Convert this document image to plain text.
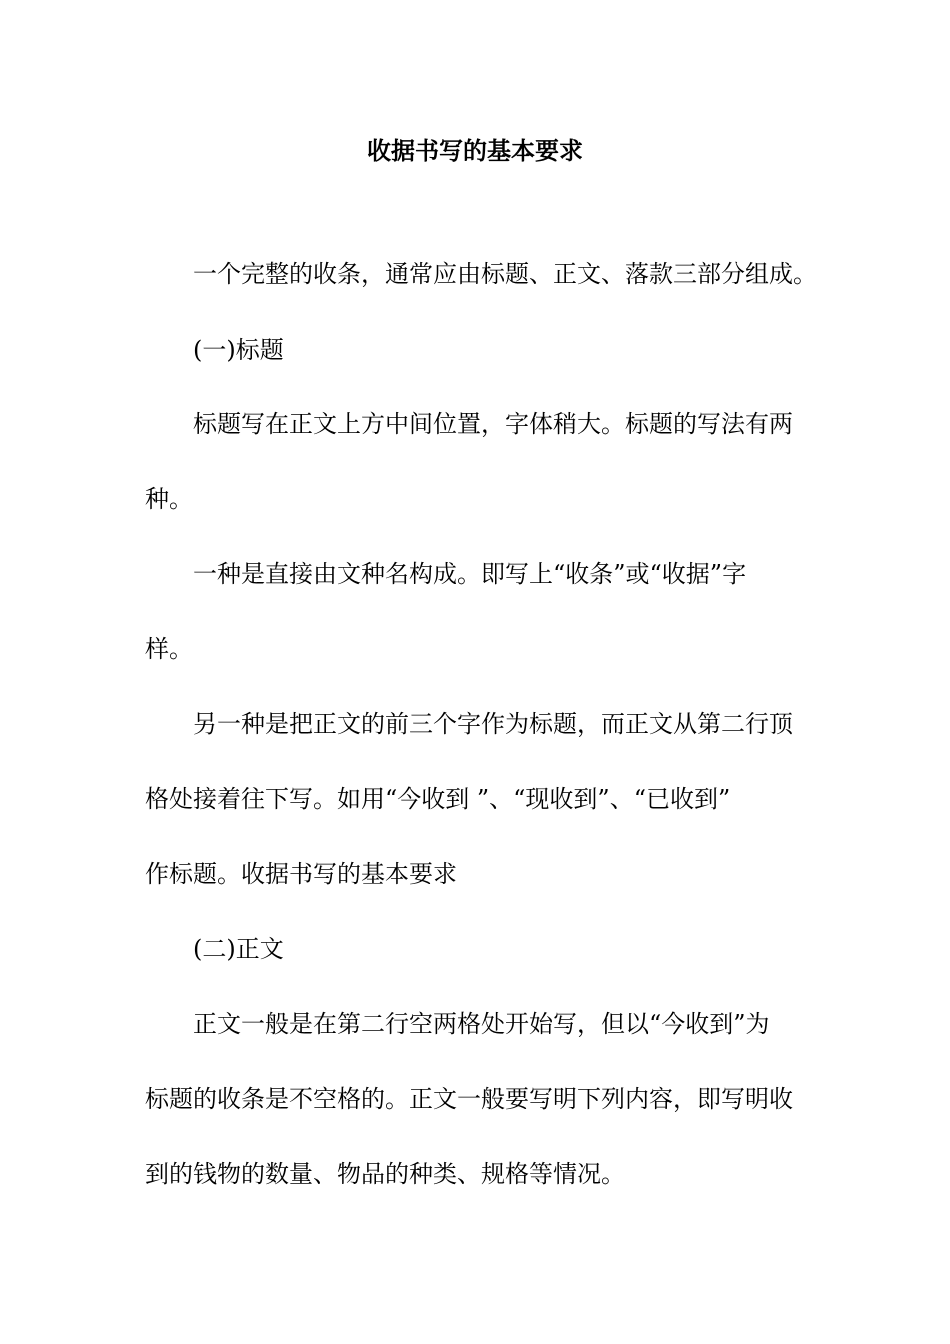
收据书写的基本要求
一个完整的收条，通常应由标题、正文、落款三部分组成。
(一)标题
标题写在正文上方中间位置，字体稍大。标题的写法有两
种。
一种是直接由文种名构成。即写上“收条”或“收据”字
样。
另一种是把正文的前三个字作为标题，而正文从第二行顶
格处接着往下写。如用“今收到 ”、“现收到”、“已收到”
作标题。收据书写的基本要求
(二)正文
正文一般是在第二行空两格处开始写，但以“今收到”为
标题的收条是不空格的。正文一般要写明下列内容，即写明收
到的钱物的数量、物品的种类、规格等情况。
